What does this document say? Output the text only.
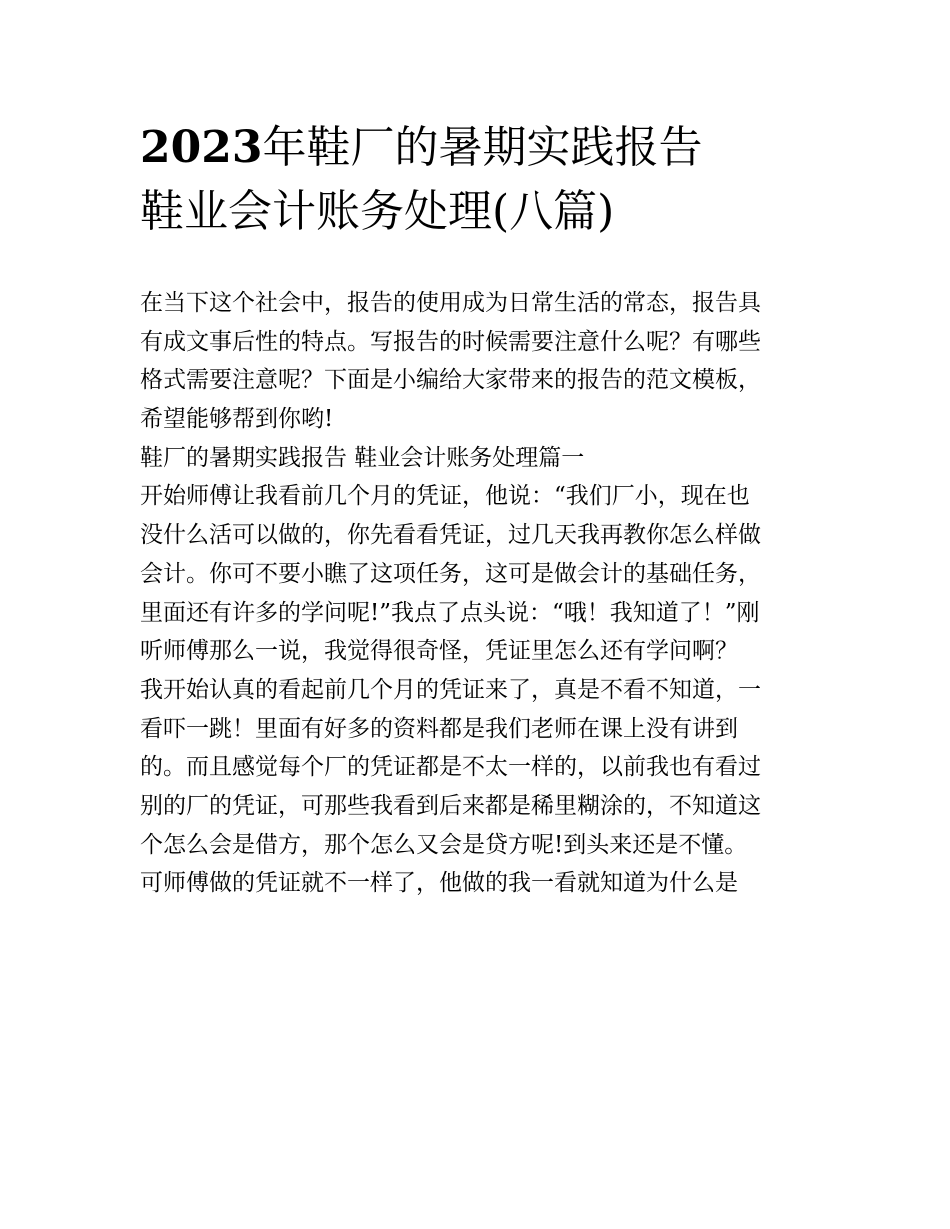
2023年鞋厂的暑期实践报告
鞋业会计账务处理(八篇)
在当下这个社会中，报告的使用成为日常生活的常态，报告具
有成文事后性的特点。写报告的时候需要注意什么呢？有哪些
格式需要注意呢？下面是小编给大家带来的报告的范文模板，
希望能够帮到你哟!
鞋厂的暑期实践报告 鞋业会计账务处理篇一
开始师傅让我看前几个月的凭证，他说：“我们厂小，现在也
没什么活可以做的，你先看看凭证，过几天我再教你怎么样做
会计。你可不要小瞧了这项任务，这可是做会计的基础任务，
里面还有许多的学问呢!”我点了点头说：“哦！我知道了！”刚
听师傅那么一说，我觉得很奇怪，凭证里怎么还有学问啊？
我开始认真的看起前几个月的凭证来了，真是不看不知道，一
看吓一跳！里面有好多的资料都是我们老师在课上没有讲到
的。而且感觉每个厂的凭证都是不太一样的，以前我也有看过
别的厂的凭证，可那些我看到后来都是稀里糊涂的，不知道这
个怎么会是借方，那个怎么又会是贷方呢!到头来还是不懂。
可师傅做的凭证就不一样了，他做的我一看就知道为什么是
